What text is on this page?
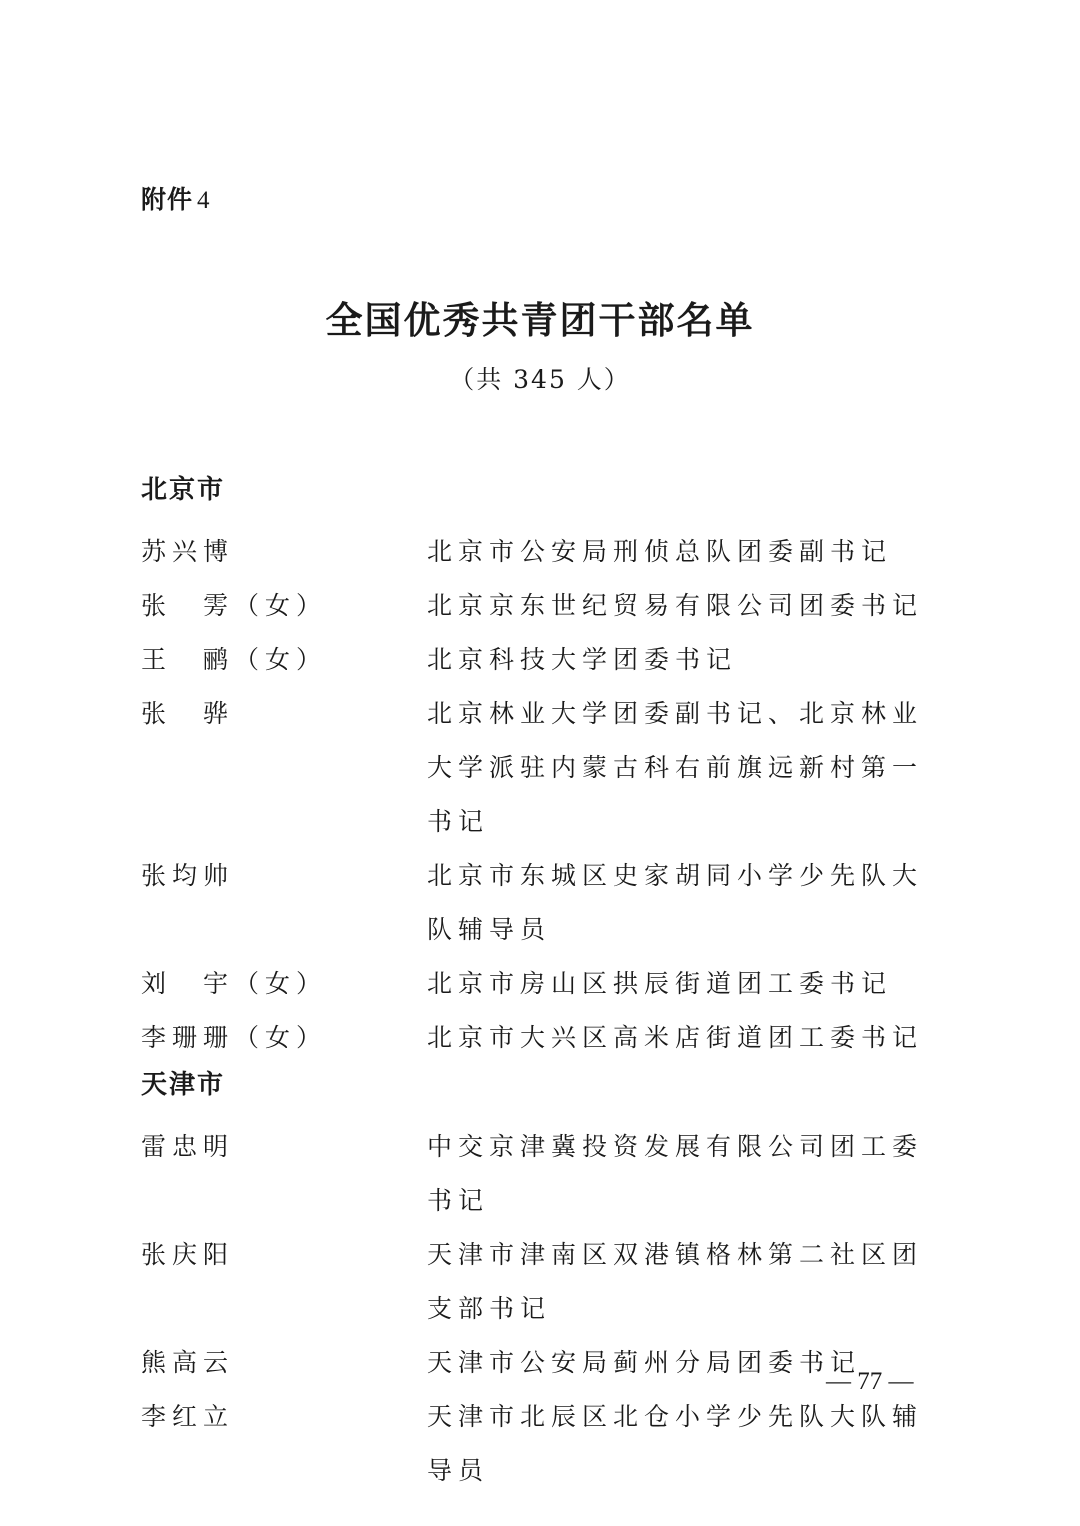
附件 4
全国优秀共青团干部名单
（共 345 人）
北京市
苏兴博	北京市公安局刑侦总队团委副书记
张　雱（女）	北京京东世纪贸易有限公司团委书记
王　鹂（女）	北京科技大学团委书记
张　骅	北京林业大学团委副书记、北京林业大学派驻内蒙古科右前旗远新村第一书记
张均帅	北京市东城区史家胡同小学少先队大队辅导员
刘　宇（女）	北京市房山区拱辰街道团工委书记
李珊珊（女）	北京市大兴区高米店街道团工委书记
天津市
雷忠明	中交京津冀投资发展有限公司团工委书记
张庆阳	天津市津南区双港镇格林第二社区团支部书记
熊高云	天津市公安局蓟州分局团委书记
李红立	天津市北辰区北仓小学少先队大队辅导员
— 77 —
